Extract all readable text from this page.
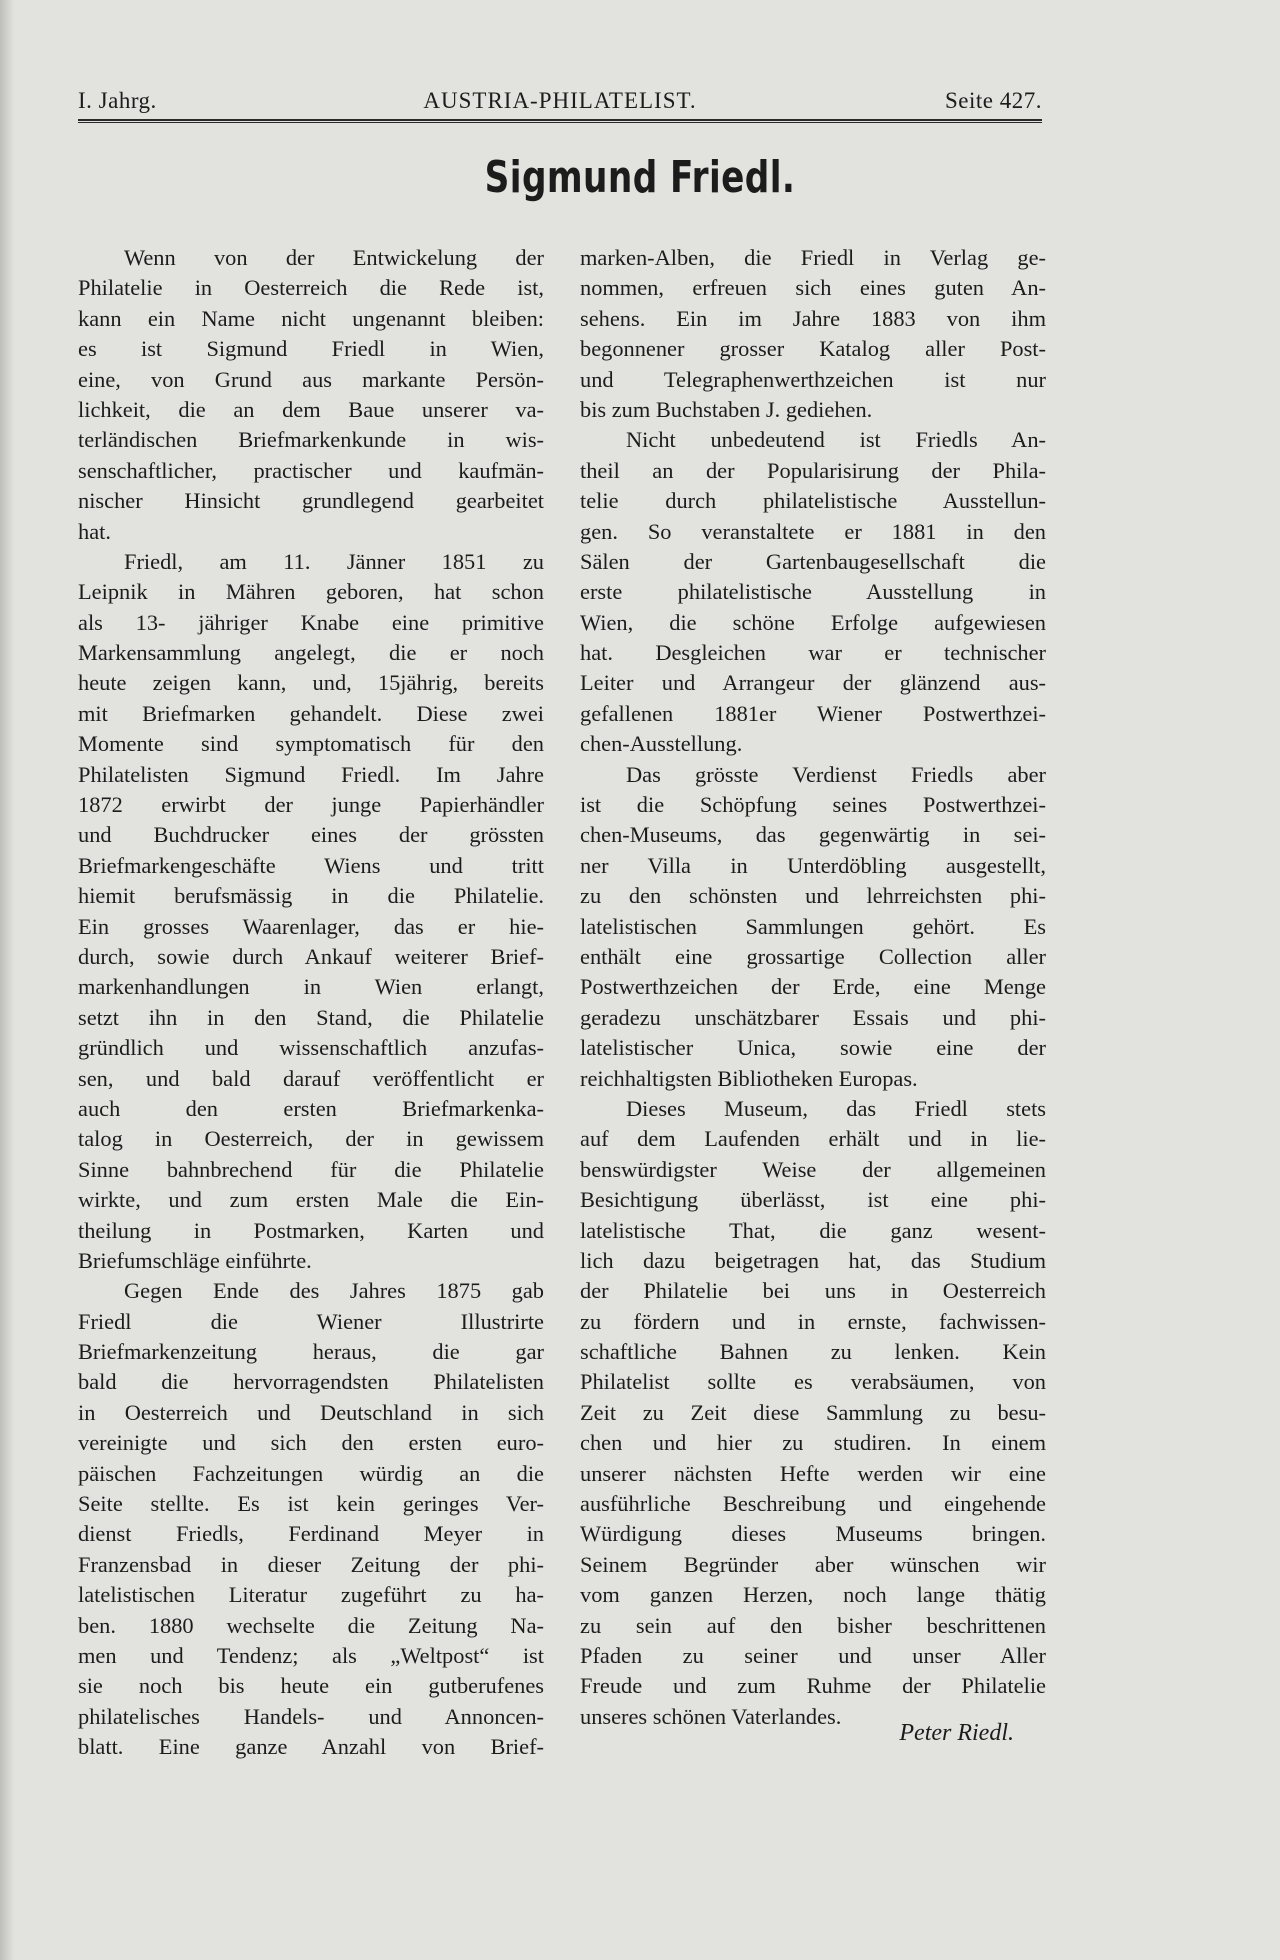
I. Jahrg.	AUSTRIA-PHILATELIST.	Seite 427.
Sigmund Friedl.
Wenn von der Entwickelung der
Philatelie in Oesterreich die Rede ist,
kann ein Name nicht ungenannt bleiben:
es ist Sigmund Friedl in Wien,
eine, von Grund aus markante Persön-
lichkeit, die an dem Baue unserer va-
terländischen Briefmarkenkunde in wis-
senschaftlicher, practischer und kaufmän-
nischer Hinsicht grundlegend gearbeitet
hat.
Friedl, am 11. Jänner 1851 zu
Leipnik in Mähren geboren, hat schon
als 13- jähriger Knabe eine primitive
Markensammlung angelegt, die er noch
heute zeigen kann, und, 15jährig, bereits
mit Briefmarken gehandelt. Diese zwei
Momente sind symptomatisch für den
Philatelisten Sigmund Friedl. Im Jahre
1872 erwirbt der junge Papierhändler
und Buchdrucker eines der grössten
Briefmarkengeschäfte Wiens und tritt
hiemit berufsmässig in die Philatelie.
Ein grosses Waarenlager, das er hie-
durch, sowie durch Ankauf weiterer Brief-
markenhandlungen in Wien erlangt,
setzt ihn in den Stand, die Philatelie
gründlich und wissenschaftlich anzufas-
sen, und bald darauf veröffentlicht er
auch den ersten Briefmarkenka-
talog in Oesterreich, der in gewissem
Sinne bahnbrechend für die Philatelie
wirkte, und zum ersten Male die Ein-
theilung in Postmarken, Karten und
Briefumschläge einführte.
Gegen Ende des Jahres 1875 gab
Friedl die Wiener Illustrirte
Briefmarkenzeitung heraus, die gar
bald die hervorragendsten Philatelisten
in Oesterreich und Deutschland in sich
vereinigte und sich den ersten euro-
päischen Fachzeitungen würdig an die
Seite stellte. Es ist kein geringes Ver-
dienst Friedls, Ferdinand Meyer in
Franzensbad in dieser Zeitung der phi-
latelistischen Literatur zugeführt zu ha-
ben. 1880 wechselte die Zeitung Na-
men und Tendenz; als „Weltpost“ ist
sie noch bis heute ein gutberufenes
philatelisches Handels- und Annoncen-
blatt. Eine ganze Anzahl von Brief-
marken-Alben, die Friedl in Verlag ge-
nommen, erfreuen sich eines guten An-
sehens. Ein im Jahre 1883 von ihm
begonnener grosser Katalog aller Post-
und Telegraphenwerthzeichen ist nur
bis zum Buchstaben J. gediehen.
Nicht unbedeutend ist Friedls An-
theil an der Popularisirung der Phila-
telie durch philatelistische Ausstellun-
gen. So veranstaltete er 1881 in den
Sälen der Gartenbaugesellschaft die
erste philatelistische Ausstellung in
Wien, die schöne Erfolge aufgewiesen
hat. Desgleichen war er technischer
Leiter und Arrangeur der glänzend aus-
gefallenen 1881er Wiener Postwerthzei-
chen-Ausstellung.
Das grösste Verdienst Friedls aber
ist die Schöpfung seines Postwerthzei-
chen-Museums, das gegenwärtig in sei-
ner Villa in Unterdöbling ausgestellt,
zu den schönsten und lehrreichsten phi-
latelistischen Sammlungen gehört. Es
enthält eine grossartige Collection aller
Postwerthzeichen der Erde, eine Menge
geradezu unschätzbarer Essais und phi-
latelistischer Unica, sowie eine der
reichhaltigsten Bibliotheken Europas.
Dieses Museum, das Friedl stets
auf dem Laufenden erhält und in lie-
benswürdigster Weise der allgemeinen
Besichtigung überlässt, ist eine phi-
latelistische That, die ganz wesent-
lich dazu beigetragen hat, das Studium
der Philatelie bei uns in Oesterreich
zu fördern und in ernste, fachwissen-
schaftliche Bahnen zu lenken. Kein
Philatelist sollte es verabsäumen, von
Zeit zu Zeit diese Sammlung zu besu-
chen und hier zu studiren. In einem
unserer nächsten Hefte werden wir eine
ausführliche Beschreibung und eingehende
Würdigung dieses Museums bringen.
Seinem Begründer aber wünschen wir
vom ganzen Herzen, noch lange thätig
zu sein auf den bisher beschrittenen
Pfaden zu seiner und unser Aller
Freude und zum Ruhme der Philatelie
unseres schönen Vaterlandes.
Peter Riedl.
